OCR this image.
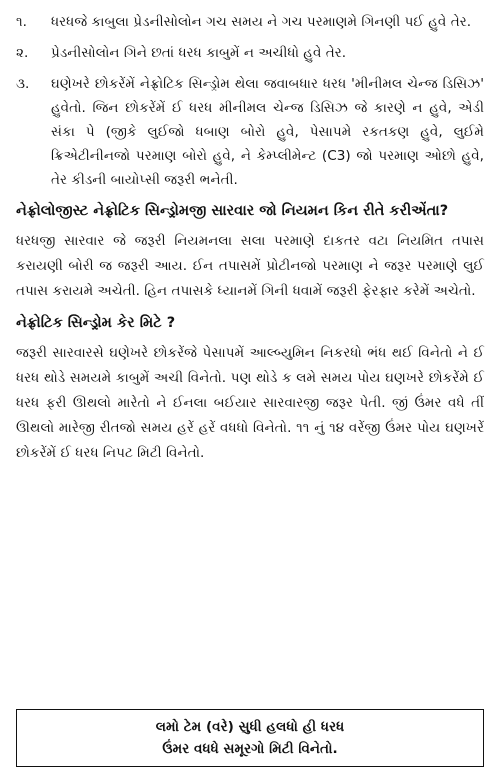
૧.	ધરધજે કાબુલા પ્રેડનીસોલોન ગચ સમય ને ગચ પરમાણમે ગિનણી પઈ હુવે તેર.
૨.	પ્રેડનીસોલોન ગિને છતાં ધરધ કાબુમેં ન અચીધો હુવે તેર.
૩.	ઘણેખરે છોકરેંમેં નેફ્રોટિક સિન્ડ્રોમ થેલા જવાબધાર ધરધ 'મીનીમલ ચેન્જ ડિસિઝ' હુવેતો. જિન છોકરેંમેં ઈ ધરધ મીનીમલ ચેન્જ ડિસિઝ જે કારણે ન હુવે, એડી સંકા પે (જીકે લુઈજો ધબાણ બોરો હુવે, પેસાપમે રકતકણ હુવે, લુઈમે ક્રિએટીનીનજો પરમાણ બોરો હુવે, ને કેમ્પ્લીમેન્ટ (C3) જો પરમાણ ઓછો હુવે, તેર કીડની બાયોપ્સી જરૂરી ભનેતી.
નેફ્રોલોજીસ્ટ નેફ્રોટિક સિન્ડ્રોમજી સારવાર જો નિયમન કિન રીતે કરીએંતા?

ધરધજી સારવાર જે જરૂરી નિયમનલા સલા પરમાણે દાકતર વટા નિયમિત તપાસ કરાયણી બોરી જ જરૂરી આય. ઈન તપાસમેં પ્રોટીનજો પરમાણ ને જરૂર પરમાણે લુઈ તપાસ કરાયમે અચેતી. હિન તપાસકે ધ્યાનમેં ગિની ધવામેં જરૂરી ફેરફાર કરેમેં અચેતો.

નેફ્રોટિક સિન્ડ્રોમ કેર મિટે ?

જરૂરી સારવારસે ઘણેખરે છોકરેંજે પેસાપમેં આલ્બ્યુમિન નિકરધો ભંધ થઈ વિનેતો ને ઈ ધરધ થોડે સમયમે કાબુમેં અચી વિનેતો. પણ થોડે ક લમે સમય પોય ઘણખરે છોકરેંમે ઈ ધરધ ફરી ઊથલો મારેતો ને ઈનલા બઈયાર સારવારજી જરૂર પેતી. જીં ઉંમર વધે તીં ઊથલો મારેજી રીતજો સમય હરેં હરેં વધધો વિનેતો. ૧૧ નું ૧૪ વરેંજી ઉંમર પોય ઘણખરેં છોકરેંમેં ઈ ધરધ નિપટ મિટી વિનેતો.

લમો ટેમ (વરે) સુધી હલધો હી ધરધ
ઉંમર વધધે સમૂરગો મિટી વિનેતો.
